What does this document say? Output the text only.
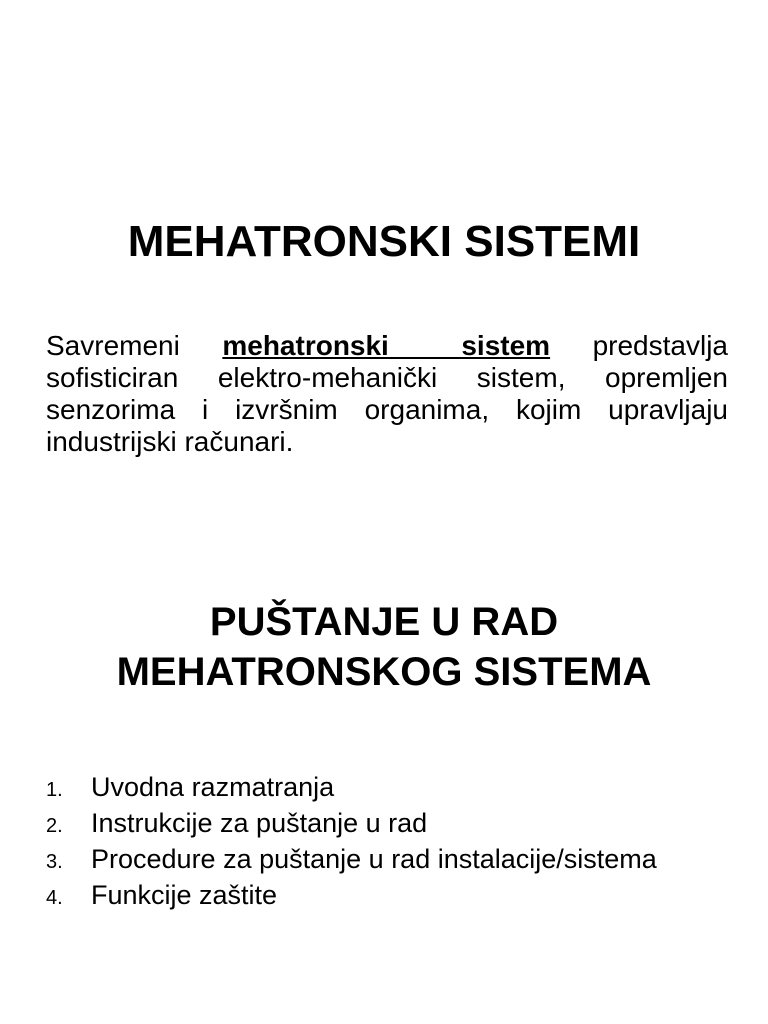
MEHATRONSKI SISTEMI

Savremeni mehatronski sistem predstavlja sofisticiran elektro-mehanički sistem, opremljen senzorima i izvršnim organima, kojim upravljaju industrijski računari.

PUŠTANJE U RAD
MEHATRONSKOG SISTEMA
1.	Uvodna razmatranja
2.	Instrukcije za puštanje u rad
3.	Procedure za puštanje u rad instalacije/sistema
4.	Funkcije zaštite
